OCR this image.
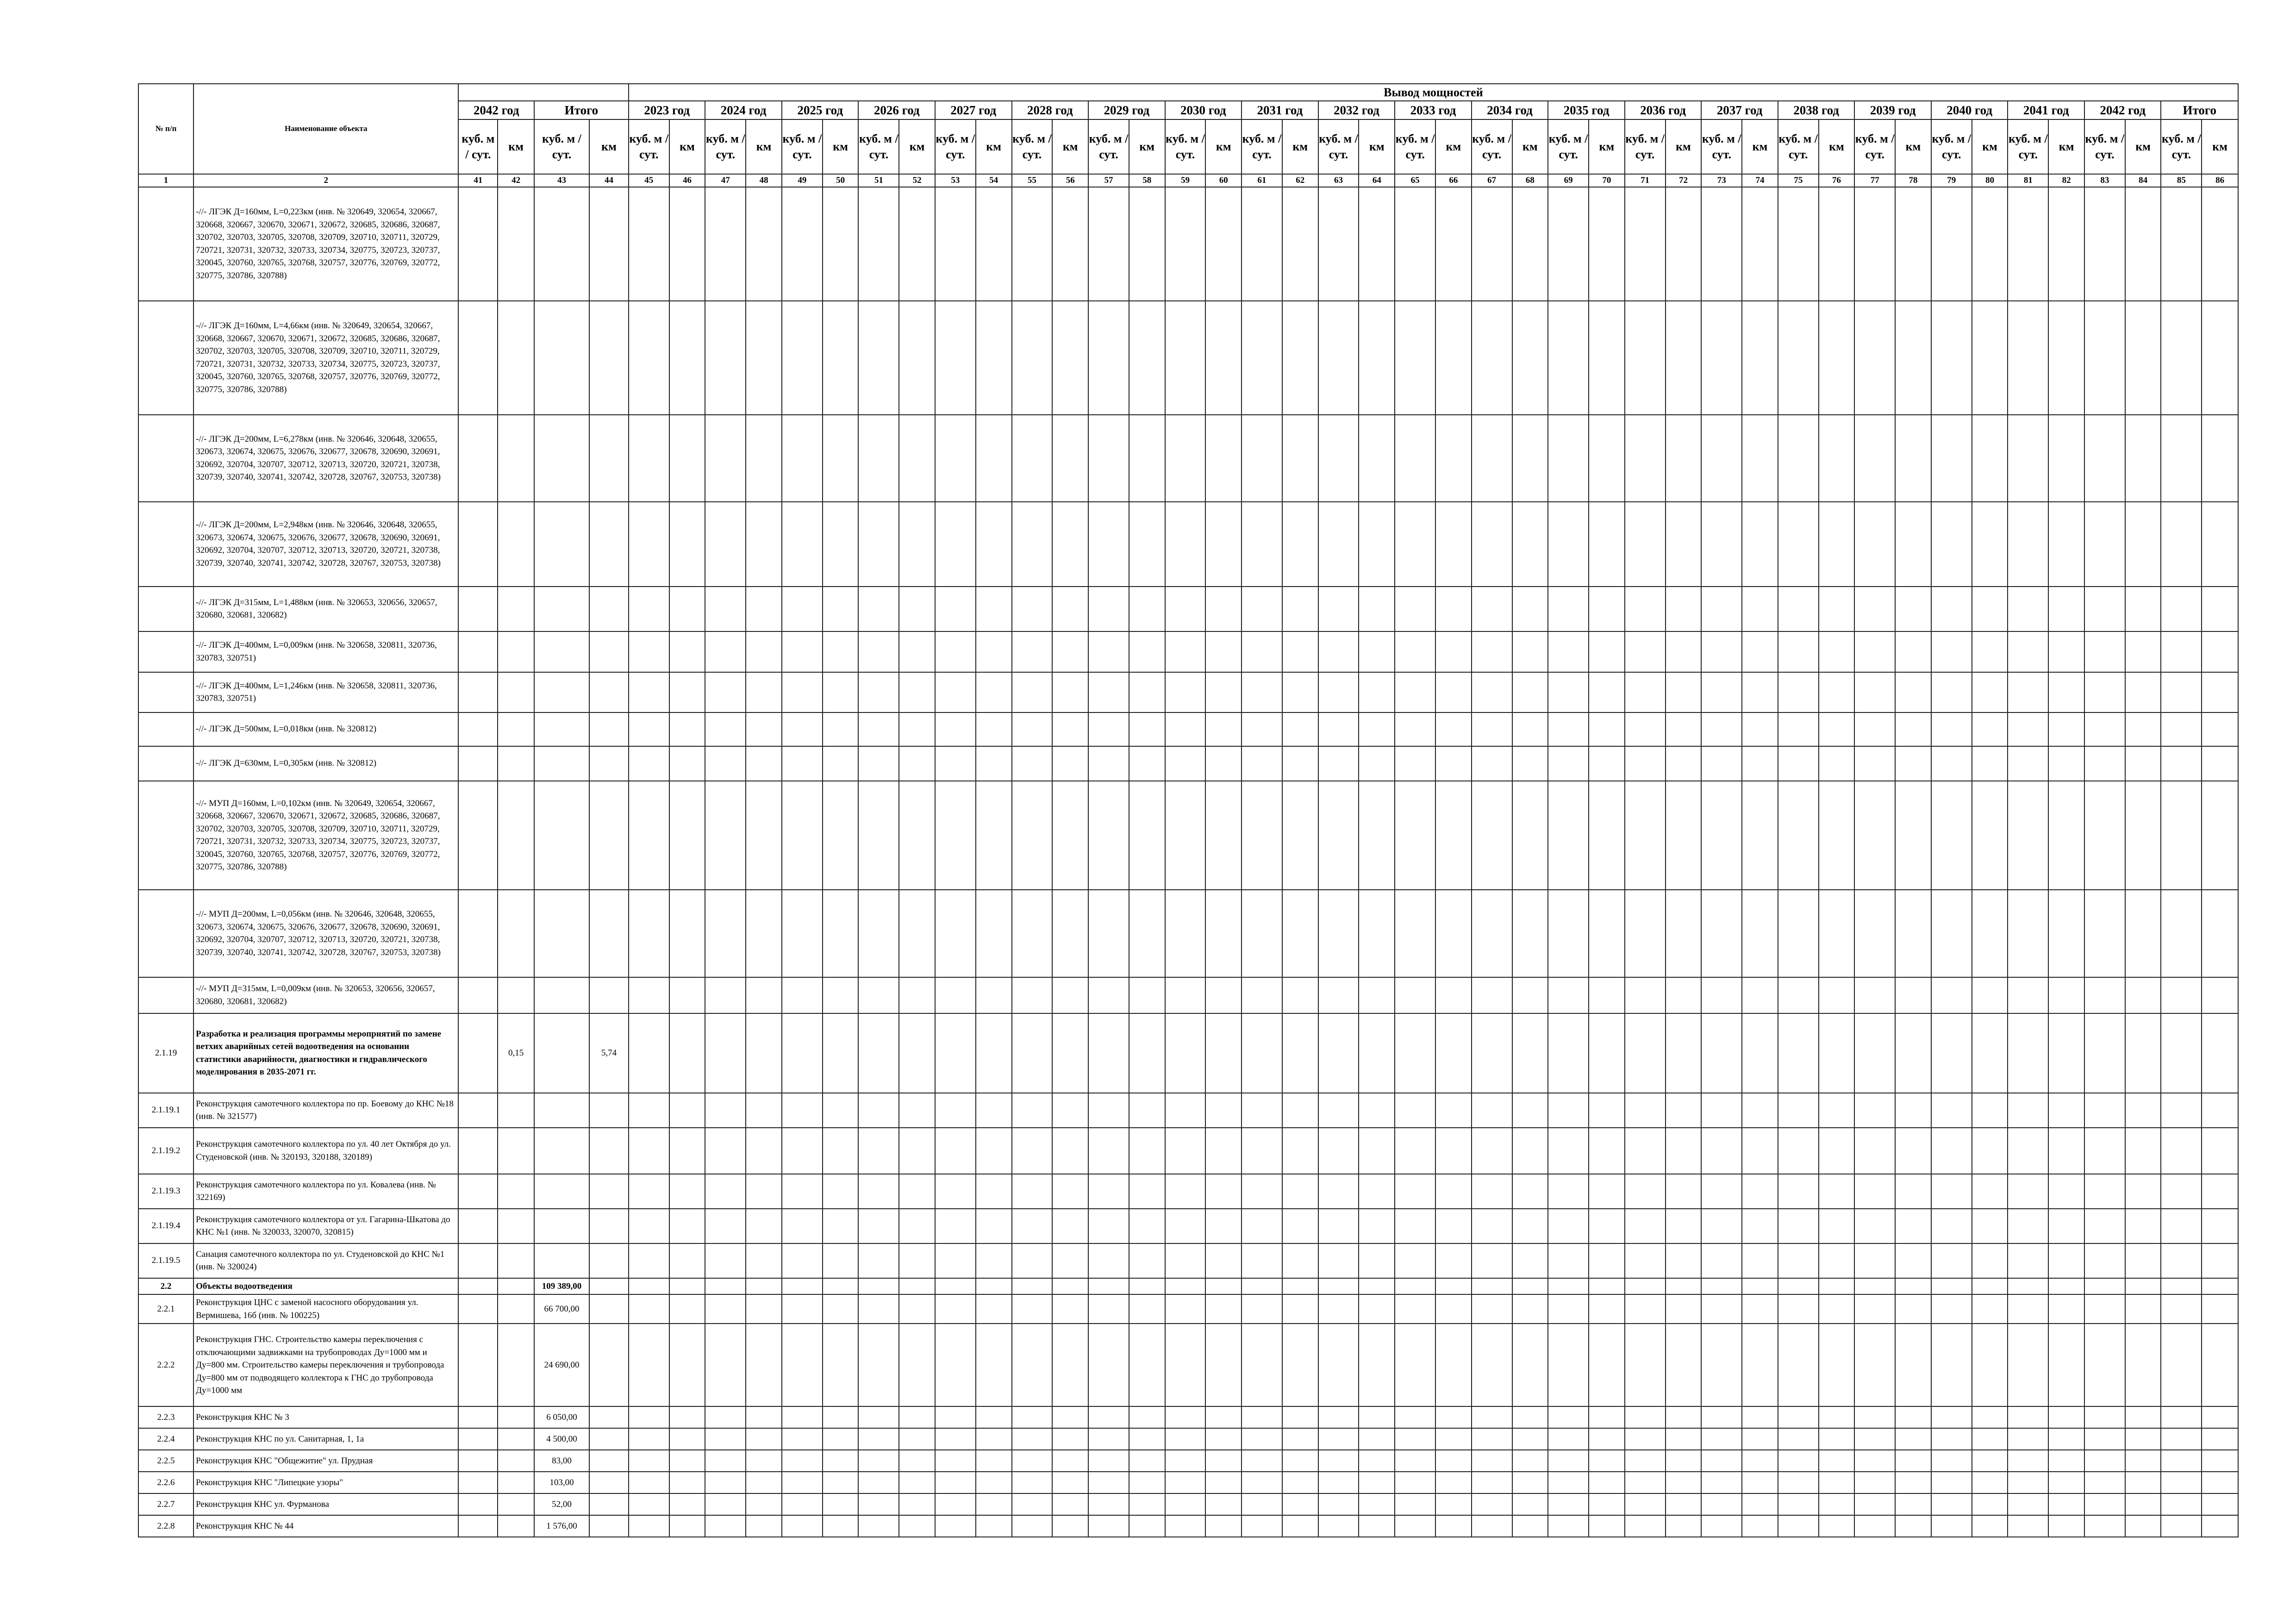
№ п/п	Наименование объекта					Вывод мощностей																																									
		2042 год		Итого		2023 год		2024 год		2025 год		2026 год		2027 год		2028 год		2029 год		2030 год		2031 год		2032 год		2033 год		2034 год		2035 год		2036 год		2037 год		2038 год		2039 год		2040 год		2041 год		2042 год		Итого	
		куб. м / сут.	км	куб. м / сут.	км	куб. м / сут.	км	куб. м / сут.	км	куб. м / сут.	км	куб. м / сут.	км	куб. м / сут.	км	куб. м / сут.	км	куб. м / сут.	км	куб. м / сут.	км	куб. м / сут.	км	куб. м / сут.	км	куб. м / сут.	км	куб. м / сут.	км	куб. м / сут.	км	куб. м / сут.	км	куб. м / сут.	км	куб. м / сут.	км	куб. м / сут.	км	куб. м / сут.	км	куб. м / сут.	км	куб. м / сут.	км	куб. м / сут.	км
1	2	41	42	43	44	45	46	47	48	49	50	51	52	53	54	55	56	57	58	59	60	61	62	63	64	65	66	67	68	69	70	71	72	73	74	75	76	77	78	79	80	81	82	83	84	85	86
	-//- ЛГЭК Д=160мм, L=0,223км (инв. № 320649, 320654, 320667, 320668, 320667, 320670, 320671, 320672, 320685, 320686, 320687, 320702, 320703, 320705, 320708, 320709, 320710, 320711, 320729, 720721, 320731, 320732, 320733, 320734, 320775, 320723, 320737, 320045, 320760, 320765, 320768, 320757, 320776, 320769, 320772, 320775, 320786, 320788)																																														
	-//- ЛГЭК Д=160мм, L=4,66км (инв. № 320649, 320654, 320667, 320668, 320667, 320670, 320671, 320672, 320685, 320686, 320687, 320702, 320703, 320705, 320708, 320709, 320710, 320711, 320729, 720721, 320731, 320732, 320733, 320734, 320775, 320723, 320737, 320045, 320760, 320765, 320768, 320757, 320776, 320769, 320772, 320775, 320786, 320788)																																														
	-//- ЛГЭК Д=200мм, L=6,278км (инв. № 320646, 320648, 320655, 320673, 320674, 320675, 320676, 320677, 320678, 320690, 320691, 320692, 320704, 320707, 320712, 320713, 320720, 320721, 320738, 320739, 320740, 320741, 320742, 320728, 320767, 320753, 320738)																																														
	-//- ЛГЭК Д=200мм, L=2,948км (инв. № 320646, 320648, 320655, 320673, 320674, 320675, 320676, 320677, 320678, 320690, 320691, 320692, 320704, 320707, 320712, 320713, 320720, 320721, 320738, 320739, 320740, 320741, 320742, 320728, 320767, 320753, 320738)																																														
	-//- ЛГЭК Д=315мм, L=1,488км (инв. № 320653, 320656, 320657, 320680, 320681, 320682)																																														
	-//- ЛГЭК Д=400мм, L=0,009км (инв. № 320658, 320811, 320736, 320783, 320751)																																														
	-//- ЛГЭК Д=400мм, L=1,246км (инв. № 320658, 320811, 320736, 320783, 320751)																																														
	-//- ЛГЭК Д=500мм, L=0,018км (инв. № 320812)																																														
	-//- ЛГЭК Д=630мм, L=0,305км (инв. № 320812)																																														
	-//- МУП Д=160мм, L=0,102км (инв. № 320649, 320654, 320667, 320668, 320667, 320670, 320671, 320672, 320685, 320686, 320687, 320702, 320703, 320705, 320708, 320709, 320710, 320711, 320729, 720721, 320731, 320732, 320733, 320734, 320775, 320723, 320737, 320045, 320760, 320765, 320768, 320757, 320776, 320769, 320772, 320775, 320786, 320788)																																														
	-//- МУП Д=200мм, L=0,056км (инв. № 320646, 320648, 320655, 320673, 320674, 320675, 320676, 320677, 320678, 320690, 320691, 320692, 320704, 320707, 320712, 320713, 320720, 320721, 320738, 320739, 320740, 320741, 320742, 320728, 320767, 320753, 320738)																																														
	-//- МУП Д=315мм, L=0,009км (инв. № 320653, 320656, 320657, 320680, 320681, 320682)																																														
2.1.19	Разработка и реализация программы мероприятий по замене ветхих аварийных сетей водоотведения на основании статистики аварийности, диагностики и гидравлического моделирования в 2035-2071 гг.		0,15		5,74																																										
2.1.19.1	Реконструкция самотечного коллектора по пр. Боевому до КНС №18 (инв. № 321577)																																														
2.1.19.2	Реконструкция самотечного коллектора по ул. 40 лет Октября до ул. Студеновской (инв. № 320193, 320188, 320189)																																														
2.1.19.3	Реконструкция самотечного коллектора по ул. Ковалева (инв. № 322169)																																														
2.1.19.4	Реконструкция самотечного коллектора от ул. Гагарина-Шкатова до КНС №1 (инв. № 320033, 320070, 320815)																																														
2.1.19.5	Санация самотечного коллектора по ул. Студеновской до КНС №1 (инв. № 320024)																																														
2.2	Объекты водоотведения			109 389,00																																											
2.2.1	Реконструкция ЦНС с заменой насосного оборудования ул. Вермишева, 16б (инв. № 100225)			66 700,00																																											
2.2.2	Реконструкция ГНС. Строительство камеры переключения с отключающими задвижками на трубопроводах Ду=1000 мм и Ду=800 мм. Строительство камеры переключения и трубопровода Ду=800 мм от подводящего коллектора к ГНС до трубопровода Ду=1000 мм			24 690,00																																											
2.2.3	Реконструкция КНС № 3			6 050,00																																											
2.2.4	Реконструкция КНС по ул. Санитарная, 1, 1а			4 500,00																																											
2.2.5	Реконструкция КНС "Общежитие" ул. Прудная			83,00																																											
2.2.6	Реконструкция КНС "Липецкие узоры"			103,00																																											
2.2.7	Реконструкция КНС ул. Фурманова			52,00																																											
2.2.8	Реконструкция КНС № 44			1 576,00																																											
